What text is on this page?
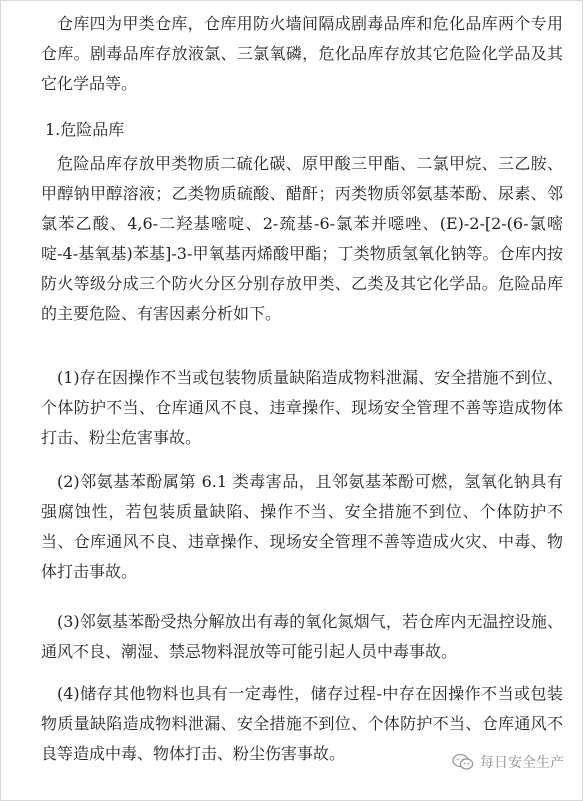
仓库四为甲类仓库，仓库用防火墙间隔成剧毒品库和危化品库两个专用仓库。剧毒品库存放液氯、三氯氧磷，危化品库存放其它危险化学品及其它化学品等。

1.危险品库

危险品库存放甲类物质二硫化碳、原甲酸三甲酯、二氯甲烷、三乙胺、甲醇钠甲醇溶液；乙类物质硫酸、醋酐；丙类物质邻氨基苯酚、尿素、邻氯苯乙酸、4,6-二羟基嘧啶、2-巯基-6-氯苯并噁唑、(E)-2-[2-(6-氯嘧啶-4-基氧基)苯基]-3-甲氧基丙烯酸甲酯；丁类物质氢氧化钠等。仓库内按防火等级分成三个防火分区分别存放甲类、乙类及其它化学品。危险品库的主要危险、有害因素分析如下。

(1)存在因操作不当或包装物质量缺陷造成物料泄漏、安全措施不到位、个体防护不当、仓库通风不良、违章操作、现场安全管理不善等造成物体打击、粉尘危害事故。

(2)邻氨基苯酚属第 6.1 类毒害品，且邻氨基苯酚可燃，氢氧化钠具有强腐蚀性，若包装质量缺陷、操作不当、安全措施不到位、个体防护不当、仓库通风不良、违章操作、现场安全管理不善等造成火灾、中毒、物体打击事故。

(3)邻氨基苯酚受热分解放出有毒的氧化氮烟气，若仓库内无温控设施、通风不良、潮湿、禁忌物料混放等可能引起人员中毒事故。

(4)储存其他物料也具有一定毒性，储存过程-中存在因操作不当或包装物质量缺陷造成物料泄漏、安全措施不到位、个体防护不当、仓库通风不良等造成中毒、物体打击、粉尘伤害事故。	每日安全生产
